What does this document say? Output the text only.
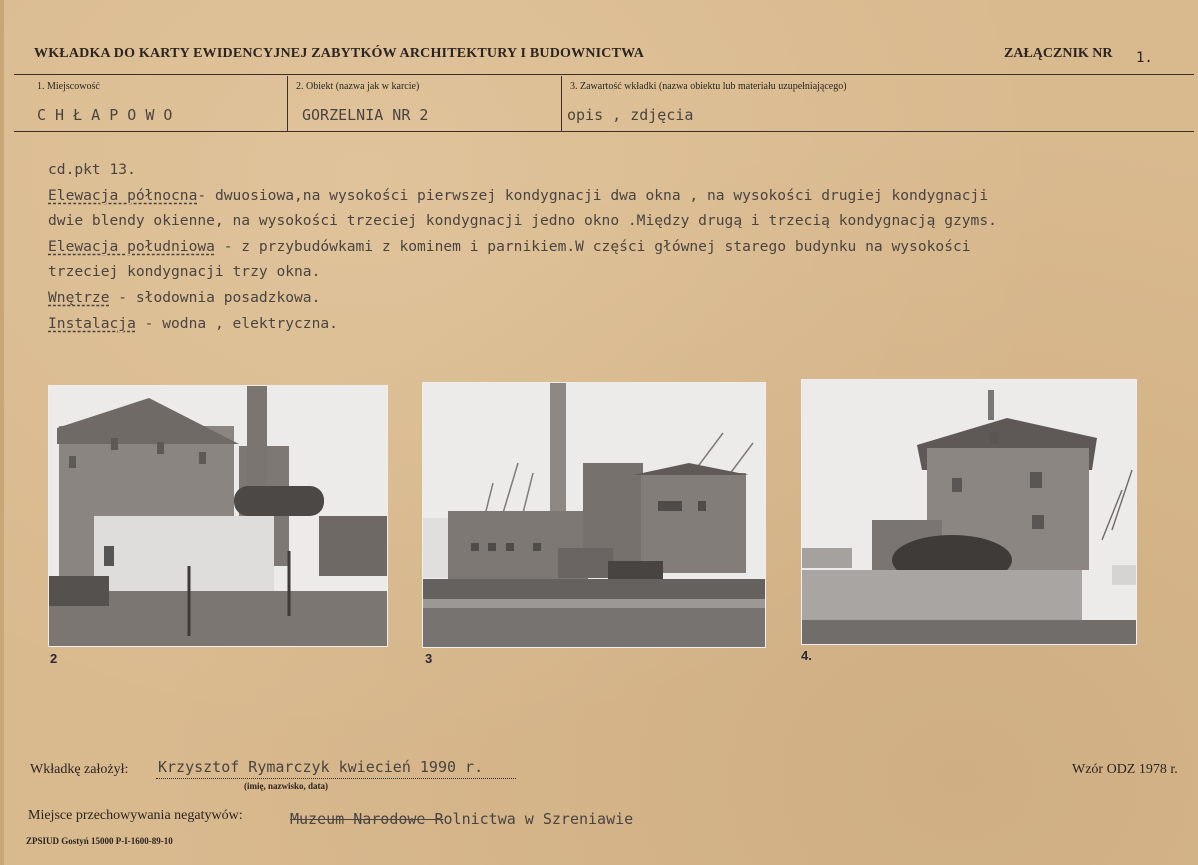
WKŁADKA DO KARTY EWIDENCYJNEJ ZABYTKÓW ARCHITEKTURY I BUDOWNICTWA	ZAŁĄCZNIK NR 1.
1. Miejscowość
C H Ł A P O W O
2. Obiekt (nazwa jak w karcie)
GORZELNIA NR 2
3. Zawartość wkładki (nazwa obiektu lub materiału uzupełniającego)
opis , zdjęcia
cd.pkt 13.
Elewacja północna- dwuosiowa,na wysokości pierwszej kondygnacji dwa okna , na wysokości drugiej kondygnacji
dwie blendy okienne, na wysokości trzeciej kondygnacji jedno okno .Między drugą i trzecią kondygnacją gzyms.
Elewacja południowa - z przybudówkami z kominem i parnikiem.W części głównej starego budynku na wysokości
trzeciej kondygnacji trzy okna.
Wnętrze - słodownia posadzkowa.
Instalacja - wodna , elektryczna.
2	3	4.
Wkładkę założył: Krzysztof Rymarczyk kwiecień 1990 r.
(imię, nazwisko, data)
Wzór ODZ 1978 r.
Miejsce przechowywania negatywów:	Muzeum Narodowe Rolnictwa w Szreniawie
ZPSIUD Gostyń 15000 P-I-1600-89-10
